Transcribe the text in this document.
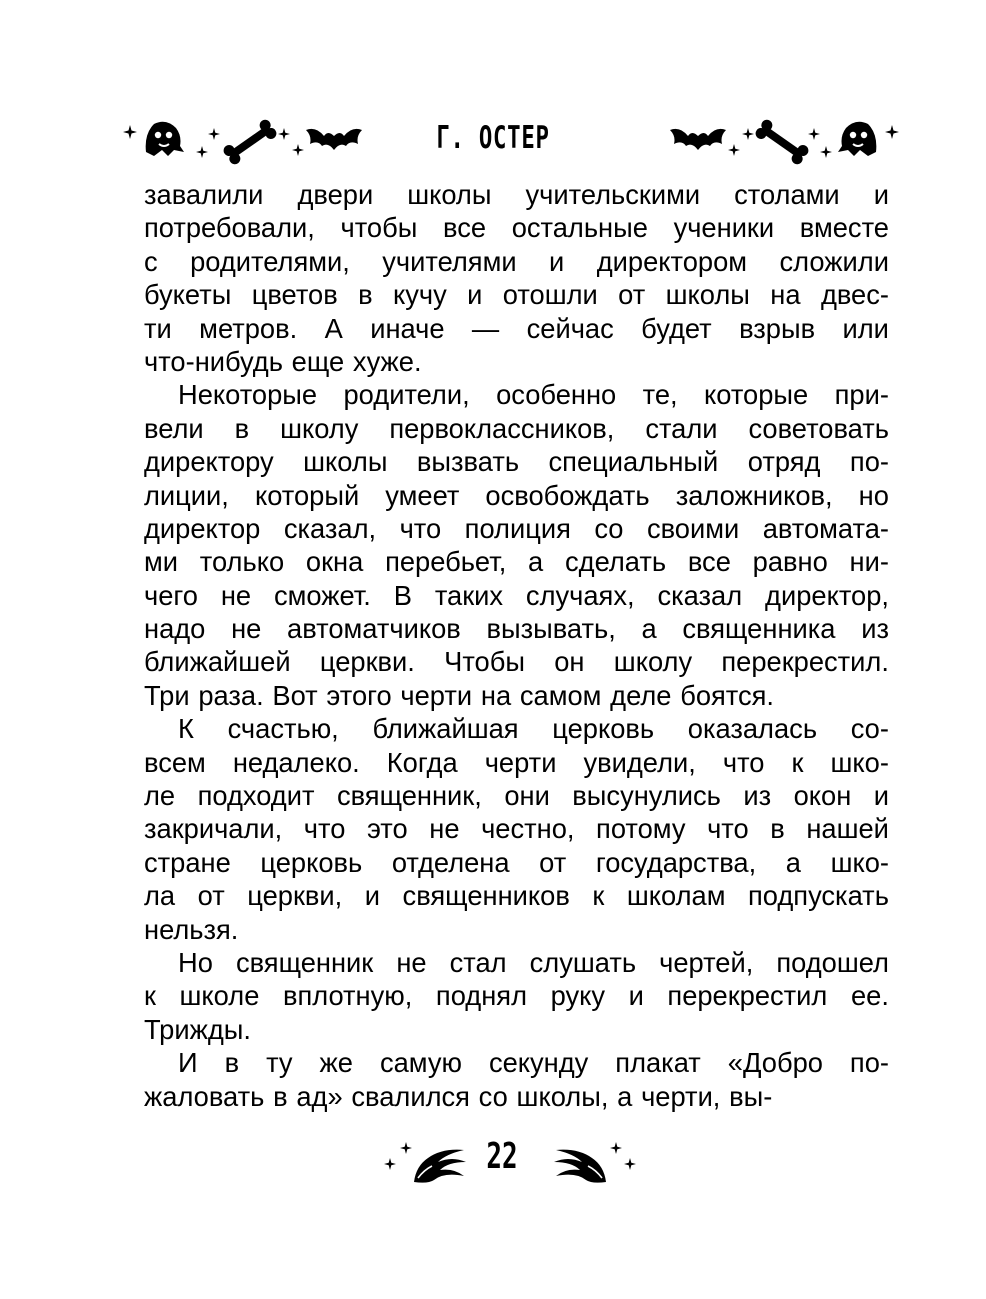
Г. ОСТЕР
завалили двери школы учительскими столами и
потребовали, чтобы все остальные ученики вместе
с родителями, учителями и директором сложили
букеты цветов в кучу и отошли от школы на двес-
ти метров. А иначе — сейчас будет взрыв или
что-нибудь еще хуже.
Некоторые родители, особенно те, которые при-
вели в школу первоклассников, стали советовать
директору школы вызвать специальный отряд по-
лиции, который умеет освобождать заложников, но
директор сказал, что полиция со своими автомата-
ми только окна перебьет, а сделать все равно ни-
чего не сможет. В таких случаях, сказал директор,
надо не автоматчиков вызывать, а священника из
ближайшей церкви. Чтобы он школу перекрестил.
Три раза. Вот этого черти на самом деле боятся.
К счастью, ближайшая церковь оказалась со-
всем недалеко. Когда черти увидели, что к шко-
ле подходит священник, они высунулись из окон и
закричали, что это не честно, потому что в нашей
стране церковь отделена от государства, а шко-
ла от церкви, и священников к школам подпускать
нельзя.
Но священник не стал слушать чертей, подошел
к школе вплотную, поднял руку и перекрестил ее.
Трижды.
И в ту же самую секунду плакат «Добро по-
жаловать в ад» свалился со школы, а черти, вы-
22
